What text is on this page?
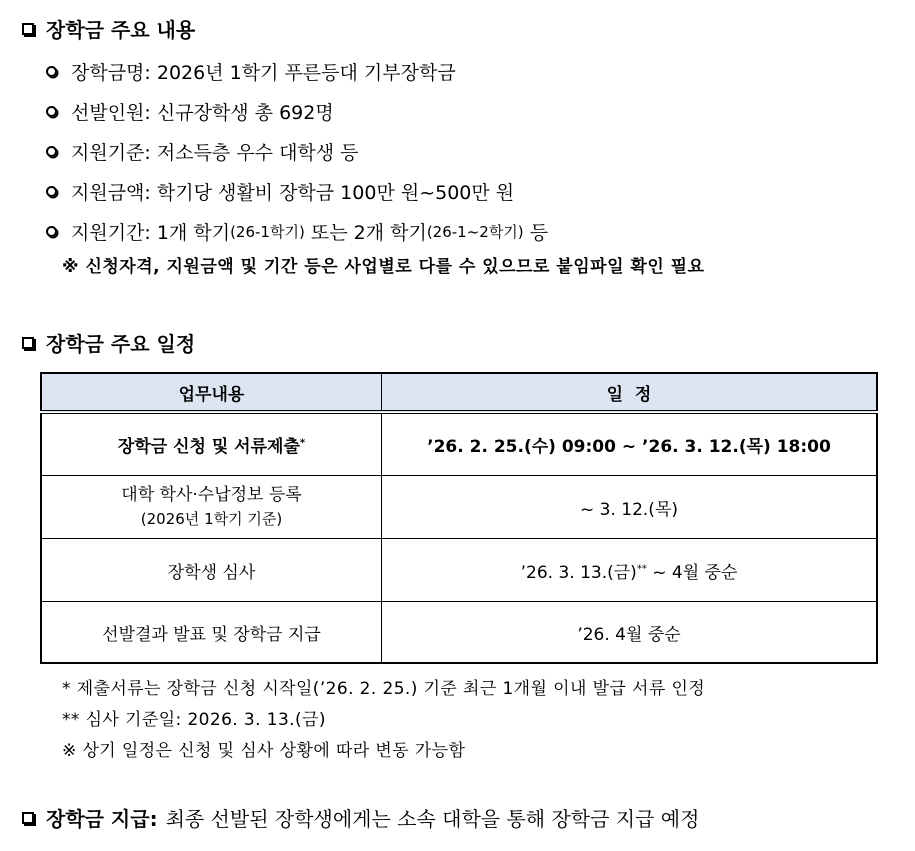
장학금 주요 내용
장학금명:
2026년 1학기 푸른등대 기부장학금
선발인원:
신규장학생 총 692명
지원기준:
저소득층 우수 대학생 등
지원금액:
학기당 생활비 장학금 100만 원~500만 원
지원기간:
1개 학기 (26-1학기)
또는 2개 학기 (26-1~2학기)
등
※ 신청자격, 지원금액 및 기간 등은 사업별로 다를 수 있으므로 붙임파일 확인 필요
장학금 주요 일정
업무내용	일  정
장학금 신청 및 서류제출*	’26. 2. 25.(수) 09:00 ~ ’26. 3. 12.(목) 18:00

대학 학사·수납정보 등록
(2026년 1학기 기준)	~ 3. 12.(목)
장학생 심사	’26. 3. 13.(금)** ~ 4월 중순
선발결과 발표 및 장학금 지급	’26. 4월 중순
* 제출서류는 장학금 신청 시작일(’26. 2. 25.) 기준 최근 1개월 이내 발급 서류 인정
** 심사 기준일: 2026. 3. 13.(금)
※ 상기 일정은 신청 및 심사 상황에 따라 변동 가능함
장학금 지급: 최종 선발된 장학생에게는 소속 대학을 통해 장학금 지급 예정
